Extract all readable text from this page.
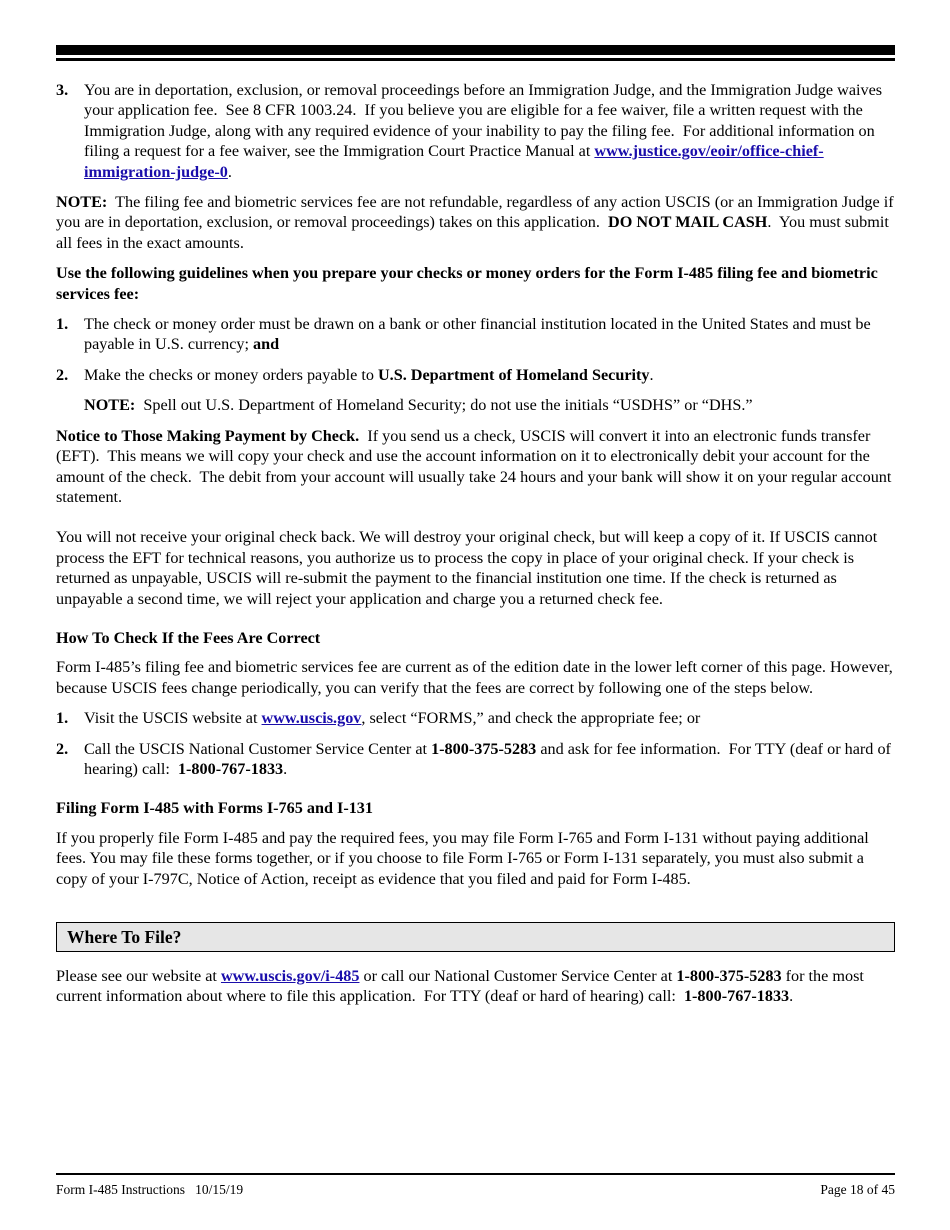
3. You are in deportation, exclusion, or removal proceedings before an Immigration Judge, and the Immigration Judge waives your application fee.  See 8 CFR 1003.24.  If you believe you are eligible for a fee waiver, file a written request with the Immigration Judge, along with any required evidence of your inability to pay the filing fee.  For additional information on filing a request for a fee waiver, see the Immigration Court Practice Manual at www.justice.gov/eoir/office-chief-immigration-judge-0.

NOTE:  The filing fee and biometric services fee are not refundable, regardless of any action USCIS (or an Immigration Judge if you are in deportation, exclusion, or removal proceedings) takes on this application.  DO NOT MAIL CASH.  You must submit all fees in the exact amounts.

Use the following guidelines when you prepare your checks or money orders for the Form I-485 filing fee and biometric services fee:

1. The check or money order must be drawn on a bank or other financial institution located in the United States and must be payable in U.S. currency; and
2. Make the checks or money orders payable to U.S. Department of Homeland Security.

NOTE:  Spell out U.S. Department of Homeland Security; do not use the initials “USDHS” or “DHS.”

Notice to Those Making Payment by Check.  If you send us a check, USCIS will convert it into an electronic funds transfer (EFT).  This means we will copy your check and use the account information on it to electronically debit your account for the amount of the check.  The debit from your account will usually take 24 hours and your bank will show it on your regular account statement.

You will not receive your original check back. We will destroy your original check, but will keep a copy of it. If USCIS cannot process the EFT for technical reasons, you authorize us to process the copy in place of your original check. If your check is returned as unpayable, USCIS will re-submit the payment to the financial institution one time. If the check is returned as unpayable a second time, we will reject your application and charge you a returned check fee.

How To Check If the Fees Are Correct

Form I-485’s filing fee and biometric services fee are current as of the edition date in the lower left corner of this page. However, because USCIS fees change periodically, you can verify that the fees are correct by following one of the steps below.

1. Visit the USCIS website at www.uscis.gov, select “FORMS,” and check the appropriate fee; or
2. Call the USCIS National Customer Service Center at 1-800-375-5283 and ask for fee information.  For TTY (deaf or hard of hearing) call:  1-800-767-1833.

Filing Form I-485 with Forms I-765 and I-131

If you properly file Form I-485 and pay the required fees, you may file Form I-765 and Form I-131 without paying additional fees. You may file these forms together, or if you choose to file Form I-765 or Form I-131 separately, you must also submit a copy of your I-797C, Notice of Action, receipt as evidence that you filed and paid for Form I-485.

Where To File?

Please see our website at www.uscis.gov/i-485 or call our National Customer Service Center at 1-800-375-5283 for the most current information about where to file this application.  For TTY (deaf or hard of hearing) call:  1-800-767-1833.

Form I-485 Instructions   10/15/19	Page 18 of 45
